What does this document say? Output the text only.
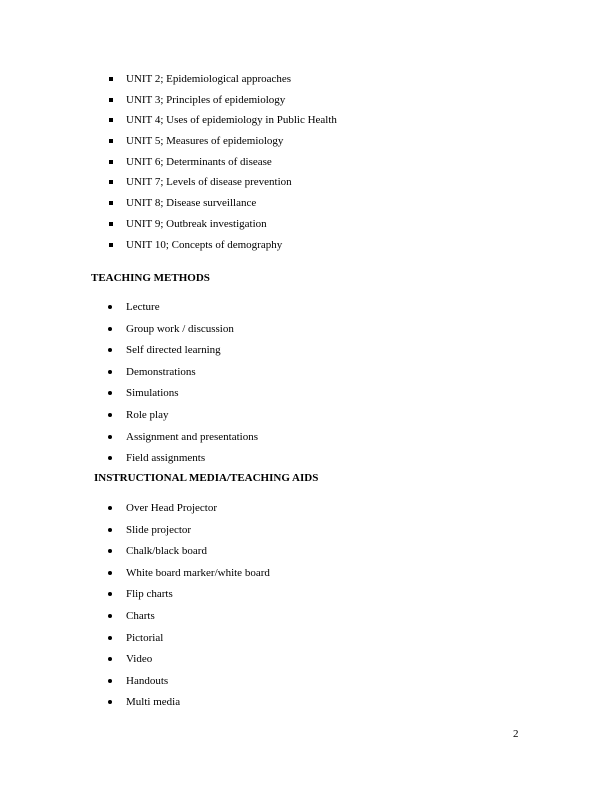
UNIT 2; Epidemiological approaches
UNIT 3; Principles of epidemiology
UNIT 4; Uses of epidemiology in Public Health
UNIT 5; Measures of epidemiology
UNIT 6; Determinants of disease
UNIT 7; Levels of disease prevention
UNIT 8; Disease surveillance
UNIT 9; Outbreak investigation
UNIT 10; Concepts of demography
TEACHING METHODS
Lecture
Group work / discussion
Self directed learning
Demonstrations
Simulations
Role play
Assignment and presentations
Field assignments
INSTRUCTIONAL MEDIA/TEACHING AIDS
Over Head Projector
Slide projector
Chalk/black board
White board marker/white board
Flip charts
Charts
Pictorial
Video
Handouts
Multi media
2
